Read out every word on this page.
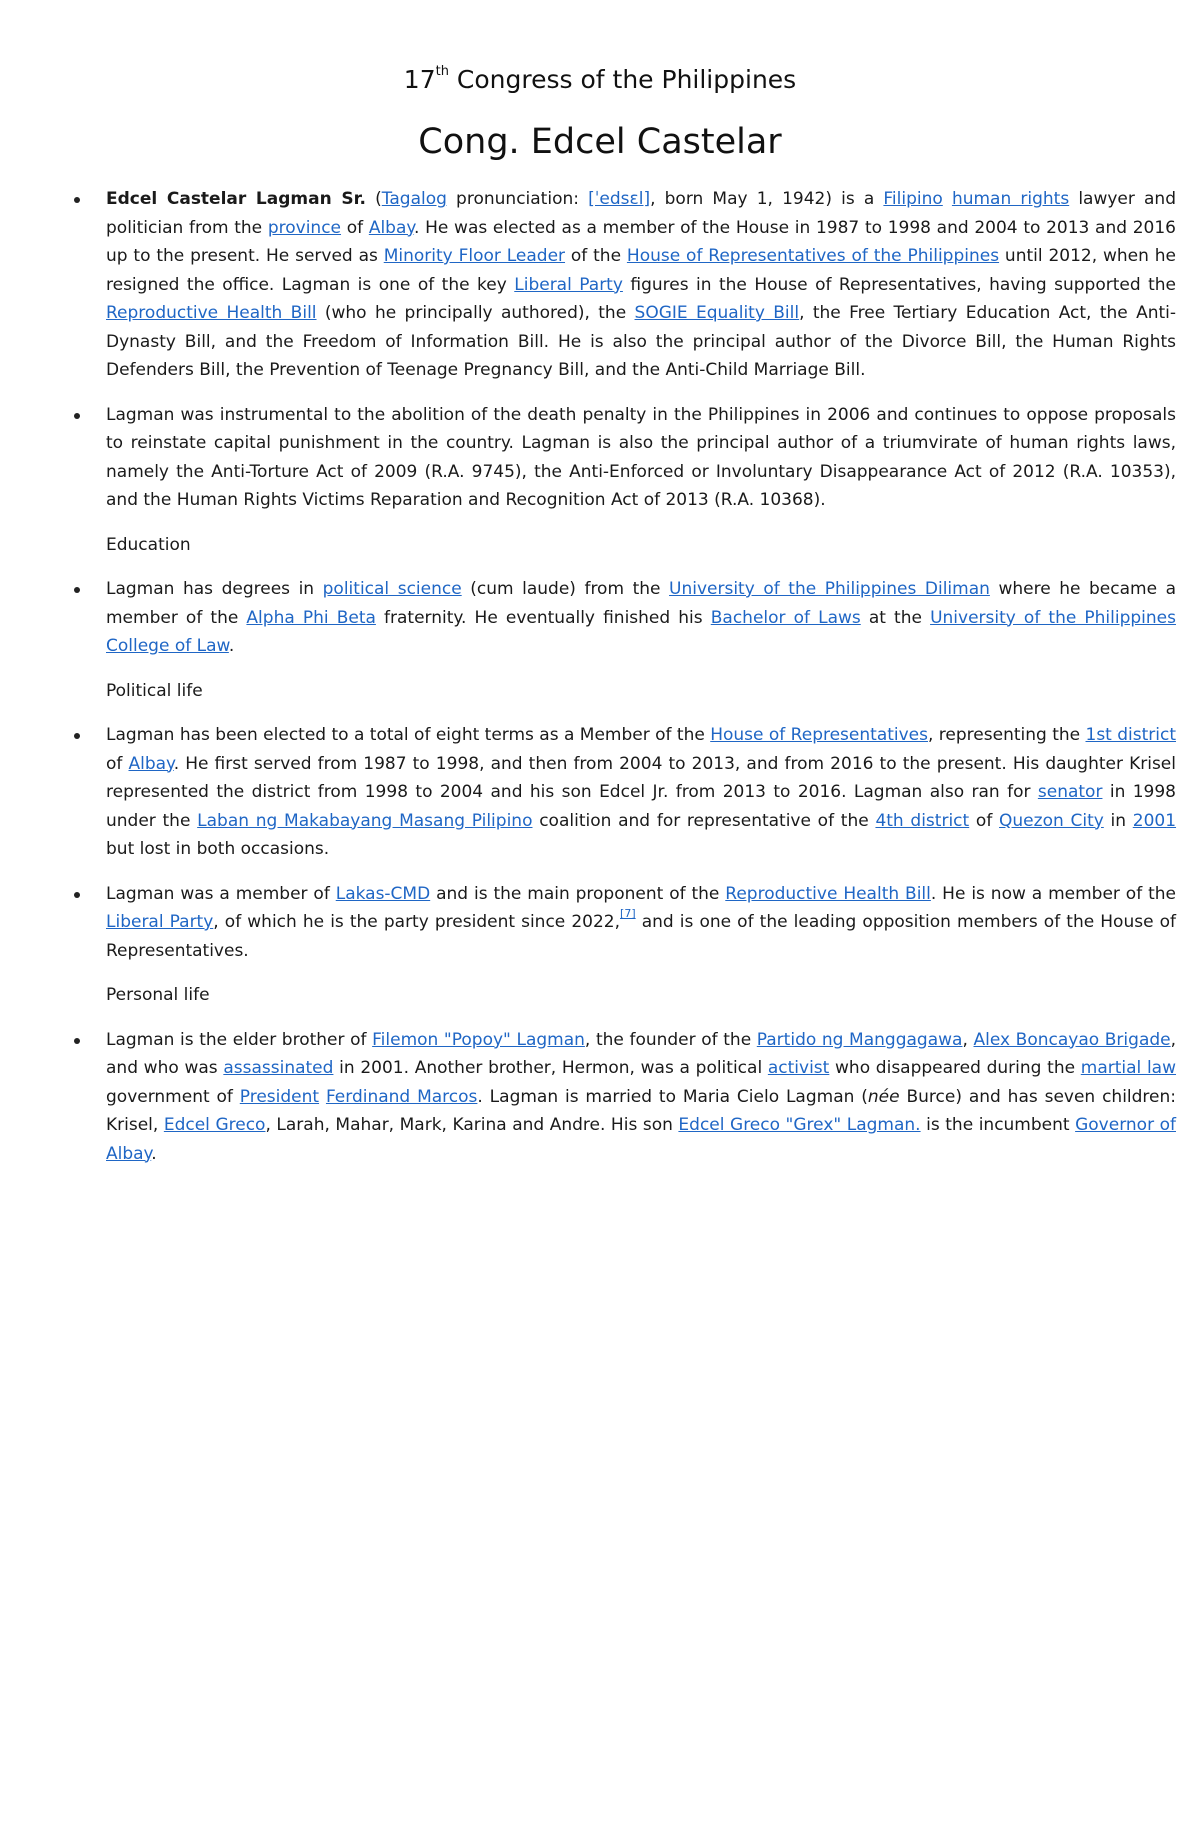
17th Congress of the Philippines
Cong. Edcel Castelar
Edcel Castelar Lagman Sr. (Tagalog pronunciation: [ˈedsɛl], born May 1, 1942) is a Filipino human rights lawyer and politician from the province of Albay. He was elected as a member of the House in 1987 to 1998 and 2004 to 2013 and 2016 up to the present. He served as Minority Floor Leader of the House of Representatives of the Philippines until 2012, when he resigned the office. Lagman is one of the key Liberal Party figures in the House of Representatives, having supported the Reproductive Health Bill (who he principally authored), the SOGIE Equality Bill, the Free Tertiary Education Act, the Anti-Dynasty Bill, and the Freedom of Information Bill. He is also the principal author of the Divorce Bill, the Human Rights Defenders Bill, the Prevention of Teenage Pregnancy Bill, and the Anti-Child Marriage Bill.
Lagman was instrumental to the abolition of the death penalty in the Philippines in 2006 and continues to oppose proposals to reinstate capital punishment in the country. Lagman is also the principal author of a triumvirate of human rights laws, namely the Anti-Torture Act of 2009 (R.A. 9745), the Anti-Enforced or Involuntary Disappearance Act of 2012 (R.A. 10353), and the Human Rights Victims Reparation and Recognition Act of 2013 (R.A. 10368).
Education
Lagman has degrees in political science (cum laude) from the University of the Philippines Diliman where he became a member of the Alpha Phi Beta fraternity. He eventually finished his Bachelor of Laws at the University of the Philippines College of Law.
Political life
Lagman has been elected to a total of eight terms as a Member of the House of Representatives, representing the 1st district of Albay. He first served from 1987 to 1998, and then from 2004 to 2013, and from 2016 to the present. His daughter Krisel represented the district from 1998 to 2004 and his son Edcel Jr. from 2013 to 2016. Lagman also ran for senator in 1998 under the Laban ng Makabayang Masang Pilipino coalition and for representative of the 4th district of Quezon City in 2001 but lost in both occasions.
Lagman was a member of Lakas-CMD and is the main proponent of the Reproductive Health Bill. He is now a member of the Liberal Party, of which he is the party president since 2022,[7] and is one of the leading opposition members of the House of Representatives.
Personal life
Lagman is the elder brother of Filemon "Popoy" Lagman, the founder of the Partido ng Manggagawa, Alex Boncayao Brigade, and who was assassinated in 2001. Another brother, Hermon, was a political activist who disappeared during the martial law government of President Ferdinand Marcos. Lagman is married to Maria Cielo Lagman (née Burce) and has seven children: Krisel, Edcel Greco, Larah, Mahar, Mark, Karina and Andre. His son Edcel Greco "Grex" Lagman. is the incumbent Governor of Albay.
